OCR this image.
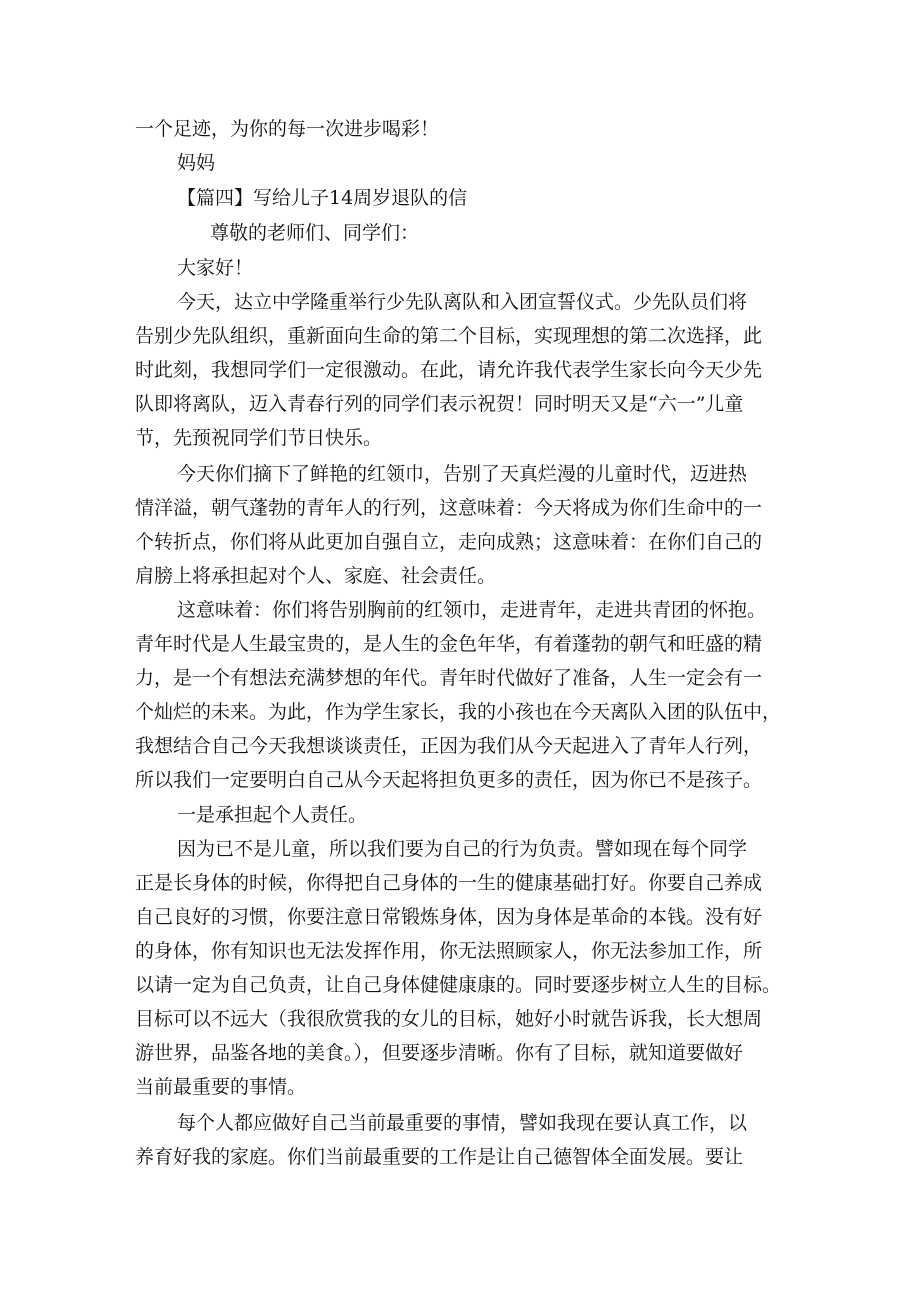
一个足迹，为你的每一次进步喝彩！

妈妈

【篇四】写给儿子14周岁退队的信

尊敬的老师们、同学们：

大家好！

今天，达立中学隆重举行少先队离队和入团宣誓仪式。少先队员们将

告别少先队组织，重新面向生命的第二个目标，实现理想的第二次选择，此

时此刻，我想同学们一定很激动。在此，请允许我代表学生家长向今天少先

队即将离队，迈入青春行列的同学们表示祝贺！同时明天又是“六一”儿童

节，先预祝同学们节日快乐。

今天你们摘下了鲜艳的红领巾，告别了天真烂漫的儿童时代，迈进热

情洋溢，朝气蓬勃的青年人的行列，这意味着：今天将成为你们生命中的一

个转折点，你们将从此更加自强自立，走向成熟；这意味着：在你们自己的

肩膀上将承担起对个人、家庭、社会责任。

这意味着：你们将告别胸前的红领巾，走进青年，走进共青团的怀抱。

青年时代是人生最宝贵的，是人生的金色年华，有着蓬勃的朝气和旺盛的精

力，是一个有想法充满梦想的年代。青年时代做好了准备，人生一定会有一

个灿烂的未来。为此，作为学生家长，我的小孩也在今天离队入团的队伍中，

我想结合自己今天我想谈谈责任，正因为我们从今天起进入了青年人行列，

所以我们一定要明白自己从今天起将担负更多的责任，因为你已不是孩子。

一是承担起个人责任。

因为已不是儿童，所以我们要为自己的行为负责。譬如现在每个同学

正是长身体的时候，你得把自己身体的一生的健康基础打好。你要自己养成

自己良好的习惯，你要注意日常锻炼身体，因为身体是革命的本钱。没有好

的身体，你有知识也无法发挥作用，你无法照顾家人，你无法参加工作，所

以请一定为自己负责，让自己身体健健康康的。同时要逐步树立人生的目标。

目标可以不远大（我很欣赏我的女儿的目标，她好小时就告诉我，长大想周

游世界，品鉴各地的美食。），但要逐步清晰。你有了目标，就知道要做好

当前最重要的事情。

每个人都应做好自己当前最重要的事情，譬如我现在要认真工作，以

养育好我的家庭。你们当前最重要的工作是让自己德智体全面发展。要让
